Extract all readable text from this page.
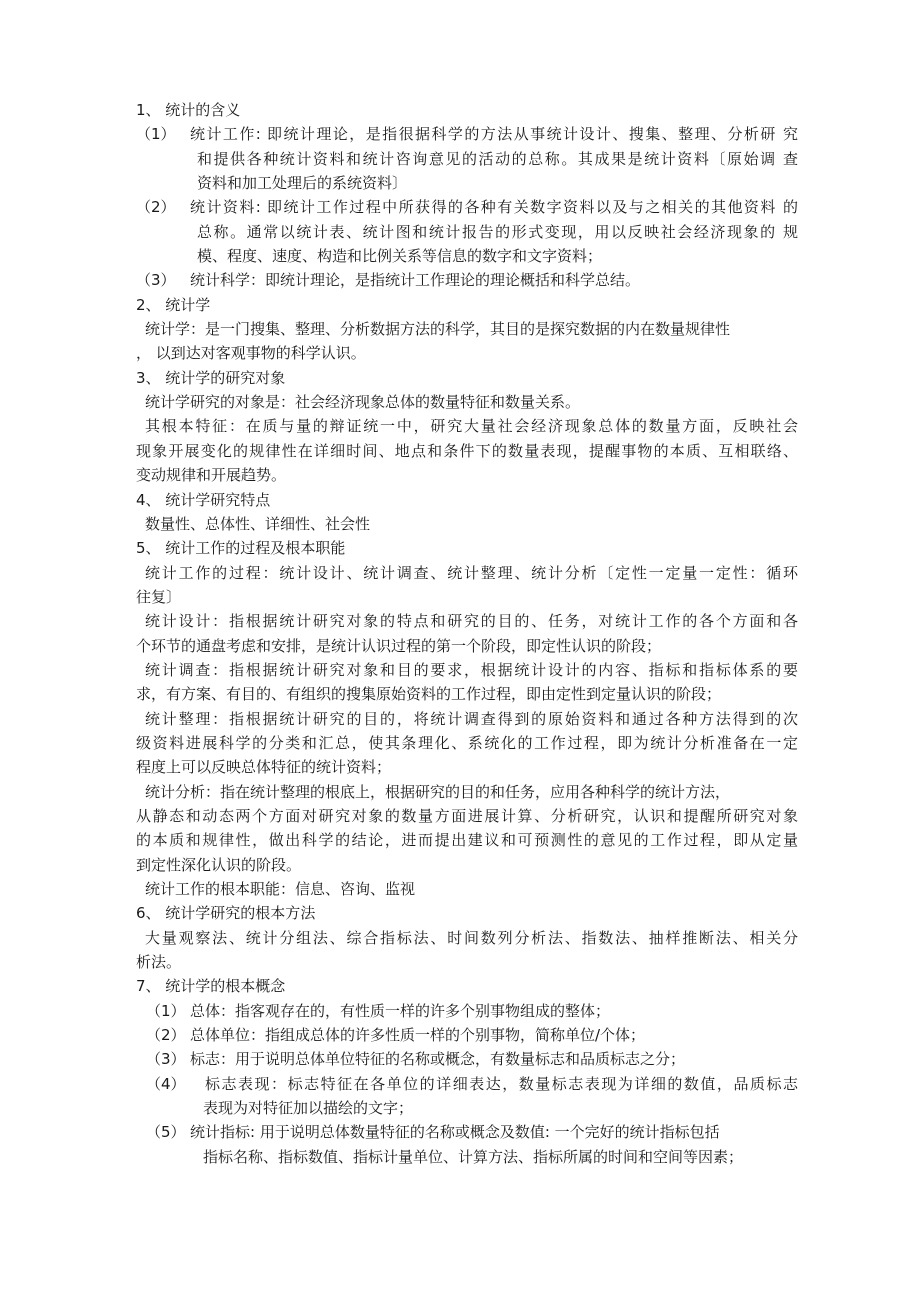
1、 统计的含义
（1） 统计工作: 即统计理论，是指很据科学的方法从事统计设计、搜集、整理、分析研 究
和提供各种统计资料和统计咨询意见的活动的总称。其成果是统计资料〔原始调 查
资料和加工处理后的系统资料〕
（2） 统计资料: 即统计工作过程中所获得的各种有关数字资料以及与之相关的其他资料 的
总称。通常以统计表、统计图和统计报告的形式变现，用以反映社会经济现象的 规
模、程度、速度、构造和比例关系等信息的数字和文字资料；
（3） 统计科学：即统计理论，是指统计工作理论的理论概括和科学总结。
2、 统计学
统计学：是一门搜集、整理、分析数据方法的科学，其目的是探究数据的内在数量规律性
， 以到达对客观事物的科学认识。
3、 统计学的研究对象
统计学研究的对象是：社会经济现象总体的数量特征和数量关系。
其根本特征：在质与量的辩证统一中，研究大量社会经济现象总体的数量方面，反映社会
现象开展变化的规律性在详细时间、地点和条件下的数量表现，提醒事物的本质、互相联络、
变动规律和开展趋势。
4、 统计学研究特点
数量性、总体性、详细性、社会性
5、 统计工作的过程及根本职能
统计工作的过程：统计设计、统计调查、统计整理、统计分析〔定性一定量一定性：循环
往复〕
统计设计：指根据统计研究对象的特点和研究的目的、任务，对统计工作的各个方面和各
个环节的通盘考虑和安排，是统计认识过程的第一个阶段，即定性认识的阶段；
统计调查：指根据统计研究对象和目的要求，根据统计设计的内容、指标和指标体系的要
求，有方案、有目的、有组织的搜集原始资料的工作过程，即由定性到定量认识的阶段；
统计整理：指根据统计研究的目的，将统计调查得到的原始资料和通过各种方法得到的次
级资料进展科学的分类和汇总，使其条理化、系统化的工作过程，即为统计分析准备在一定
程度上可以反映总体特征的统计资料；
统计分析：指在统计整理的根底上，根据研究的目的和任务，应用各种科学的统计方法，
从静态和动态两个方面对研究对象的数量方面进展计算、分析研究，认识和提醒所研究对象
的本质和规律性，做出科学的结论，进而提出建议和可预测性的意见的工作过程，即从定量
到定性深化认识的阶段。
统计工作的根本职能：信息、咨询、监视
6、 统计学研究的根本方法
大量观察法、统计分组法、综合指标法、时间数列分析法、指数法、抽样推断法、相关分
析法。
7、 统计学的根本概念
（1） 总体：指客观存在的，有性质一样的许多个别事物组成的整体；
（2） 总体单位：指组成总体的许多性质一样的个别事物，简称单位/个体；
（3） 标志：用于说明总体单位特征的名称或概念，有数量标志和品质标志之分；
（4） 标志表现：标志特征在各单位的详细表达，数量标志表现为详细的数值，品质标志
表现为对特征加以描绘的文字；
（5） 统计指标: 用于说明总体数量特征的名称或概念及数值: 一个完好的统计指标包括
指标名称、指标数值、指标计量单位、计算方法、指标所属的时间和空间等因素；
